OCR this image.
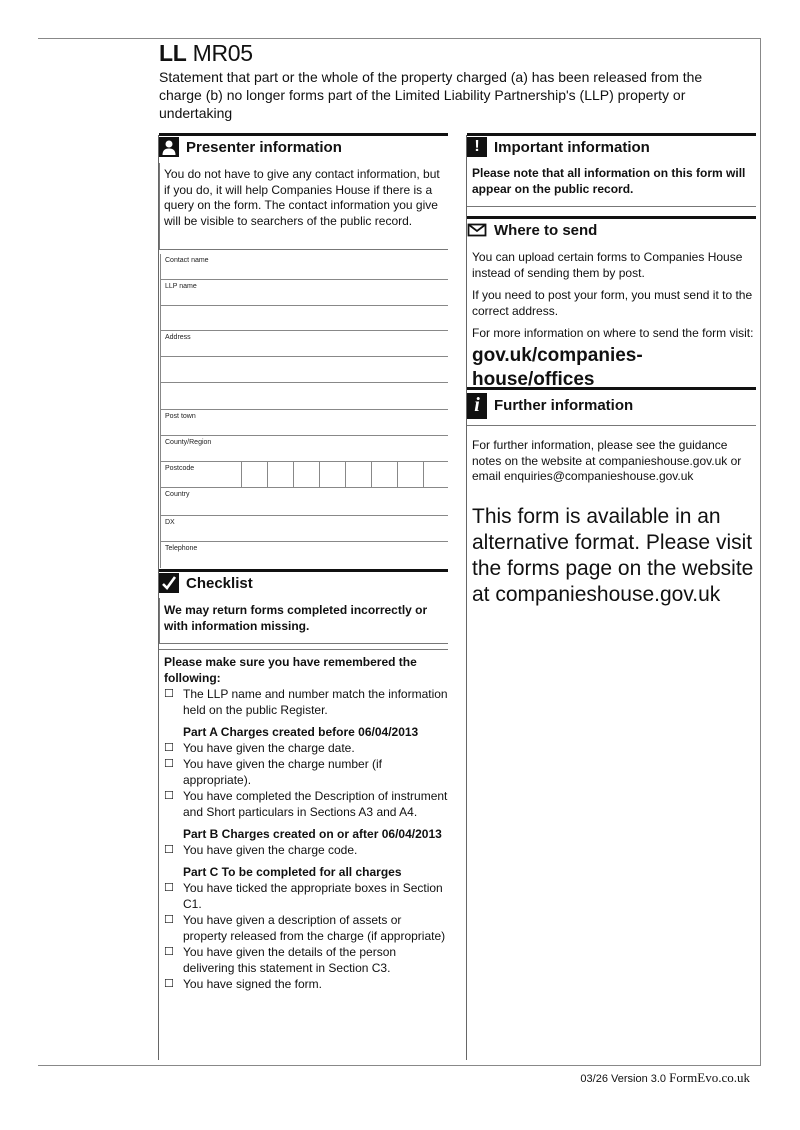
LL MR05
Statement that part or the whole of the property charged (a) has been released from the charge (b) no longer forms part of the Limited Liability Partnership's (LLP) property or undertaking
Presenter information
You do not have to give any contact information, but if you do, it will help Companies House if there is a query on the form. The contact information you give will be visible to searchers of the public record.
Contact name
LLP name
Address
Post town
County/Region
Postcode
Country
DX
Telephone
Checklist
We may return forms completed incorrectly or with information missing.
Please make sure you have remembered the following:
☐ The LLP name and number match the information held on the public Register.
Part A Charges created before 06/04/2013
☐ You have given the charge date.
☐ You have given the charge number (if appropriate).
☐ You have completed the Description of instrument and Short particulars in Sections A3 and A4.
Part B Charges created on or after 06/04/2013
☐ You have given the charge code.
Part C To be completed for all charges
☐ You have ticked the appropriate boxes in Section C1.
☐ You have given a description of assets or property released from the charge (if appropriate)
☐ You have given the details of the person delivering this statement in Section C3.
☐ You have signed the form.
! Important information
Please note that all information on this form will appear on the public record.
Where to send
You can upload certain forms to Companies House instead of sending them by post.
If you need to post your form, you must send it to the correct address.
For more information on where to send the form visit:
gov.uk/companies-house/offices
i Further information
For further information, please see the guidance notes on the website at companieshouse.gov.uk or email enquiries@companieshouse.gov.uk
This form is available in an alternative format. Please visit the forms page on the website at companieshouse.gov.uk
03/26 Version 3.0 FormEvo.co.uk
